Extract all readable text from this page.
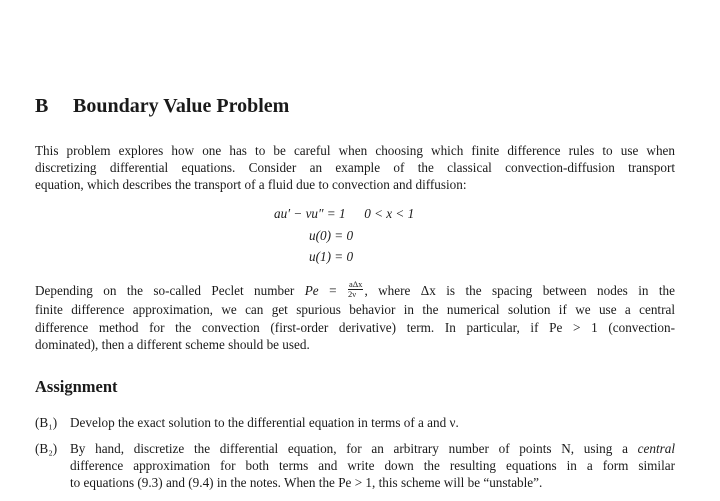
B Boundary Value Problem
This problem explores how one has to be careful when choosing which finite difference rules to use when
discretizing differential equations. Consider an example of the classical convection-diffusion transport
equation, which describes the transport of a fluid due to convection and diffusion:
au′ − νu″ = 1 0 < x < 1
u(0) = 0
u(1) = 0
Depending on the so-called Peclet number $Pe = \frac{\text{aΔx}}{2\nu}$ , where Δx is the spacing between nodes in the
finite difference approximation, we can get spurious behavior in the numerical solution if we use a central
difference method for the convection (first-order derivative) term. In particular, if Pe > 1 (convection-
dominated), then a different scheme should be used.
Assignment
(B₁) Develop the exact solution to the differential equation in terms of a and ν.
(B₂) By hand, discretize the differential equation, for an arbitrary number of points N, using a central
difference approximation for both terms and write down the resulting equations in a form similar
to equations (9.3) and (9.4) in the notes. When the Pe > 1, this scheme will be “unstable”.
